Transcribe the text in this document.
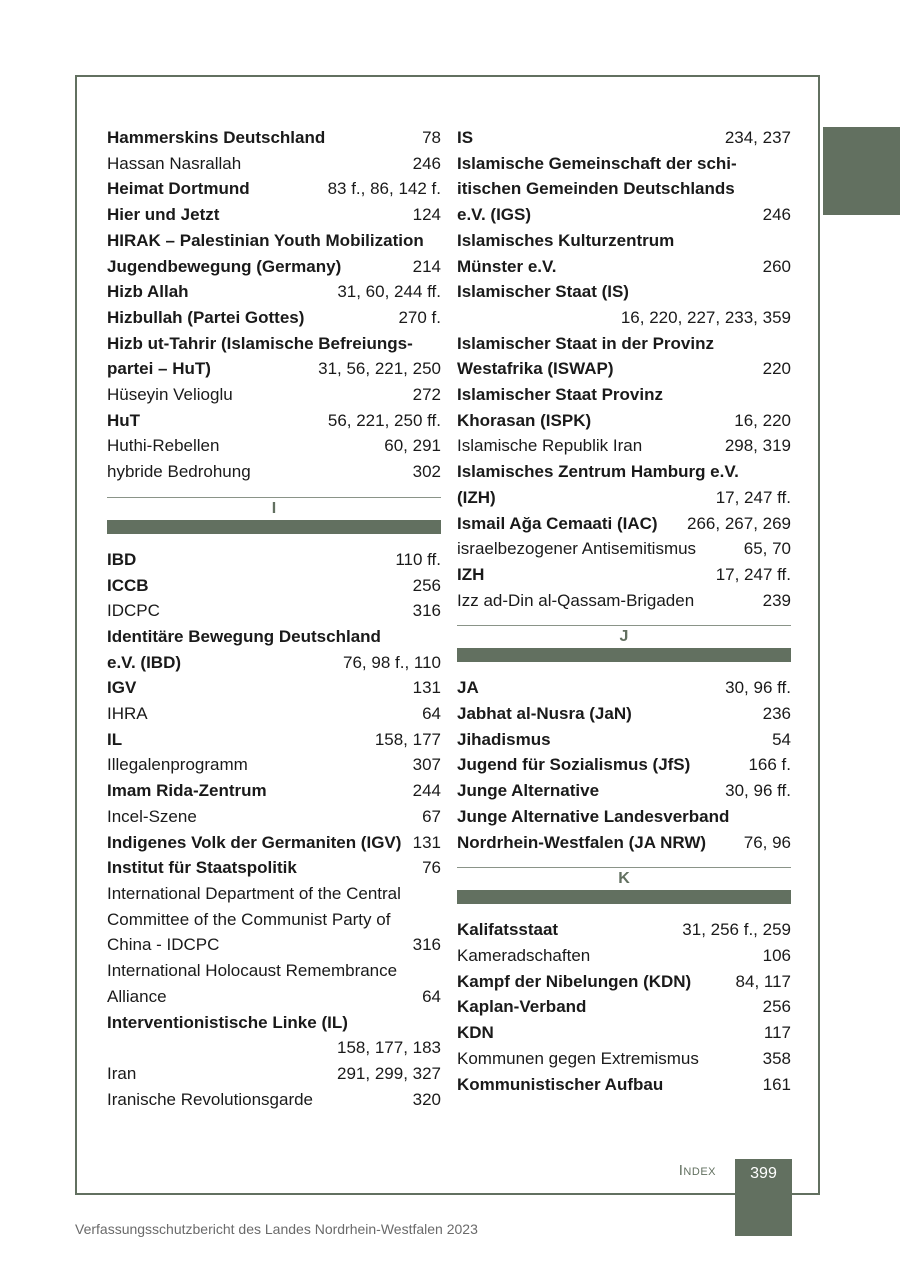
Hammerskins Deutschland	78
Hassan Nasrallah	246
Heimat Dortmund	83 f., 86, 142 f.
Hier und Jetzt	124
HIRAK – Palestinian Youth Mobilization
Jugendbewegung (Germany)	214
Hizb Allah	31, 60, 244 ff.
Hizbullah (Partei Gottes)	270 f.
Hizb ut-Tahrir (Islamische Befreiungs-
partei – HuT)	31, 56, 221, 250
Hüseyin Velioglu	272
HuT	56, 221, 250 ff.
Huthi-Rebellen	60, 291
hybride Bedrohung	302
I
IBD	110 ff.
ICCB	256
IDCPC	316
Identitäre Bewegung Deutschland
e.V. (IBD)	76, 98 f., 110
IGV	131
IHRA	64
IL	158, 177
Illegalenprogramm	307
Imam Rida-Zentrum	244
Incel-Szene	67
Indigenes Volk der Germaniten (IGV) 131
Institut für Staatspolitik	76
International Department of the Central
Committee of the Communist Party of
China - IDCPC	316
International Holocaust Remembrance
Alliance	64
Interventionistische Linke (IL)
158, 177, 183
Iran	291, 299, 327
Iranische Revolutionsgarde	320
IS	234, 237
Islamische Gemeinschaft der schi-
itischen Gemeinden Deutschlands
e.V. (IGS)	246
Islamisches Kulturzentrum
Münster e.V.	260
Islamischer Staat (IS)
16, 220, 227, 233, 359
Islamischer Staat in der Provinz
Westafrika (ISWAP)	220
Islamischer Staat Provinz
Khorasan (ISPK)	16, 220
Islamische Republik Iran	298, 319
Islamisches Zentrum Hamburg e.V.
(IZH)	17, 247 ff.
Ismail Ağa Cemaati (IAC) 266, 267, 269
israelbezogener Antisemitismus	65, 70
IZH	17, 247 ff.
Izz ad-Din al-Qassam-Brigaden	239
J
JA	30, 96 ff.
Jabhat al-Nusra (JaN)	236
Jihadismus	54
Jugend für Sozialismus (JfS)	166 f.
Junge Alternative	30, 96 ff.
Junge Alternative Landesverband
Nordrhein-Westfalen (JA NRW) 76, 96
K
Kalifatsstaat	31, 256 f., 259
Kameradschaften	106
Kampf der Nibelungen (KDN)	84, 117
Kaplan-Verband	256
KDN	117
Kommunen gegen Extremismus	358
Kommunistischer Aufbau	161
Index	399
Verfassungsschutzbericht des Landes Nordrhein-Westfalen 2023
